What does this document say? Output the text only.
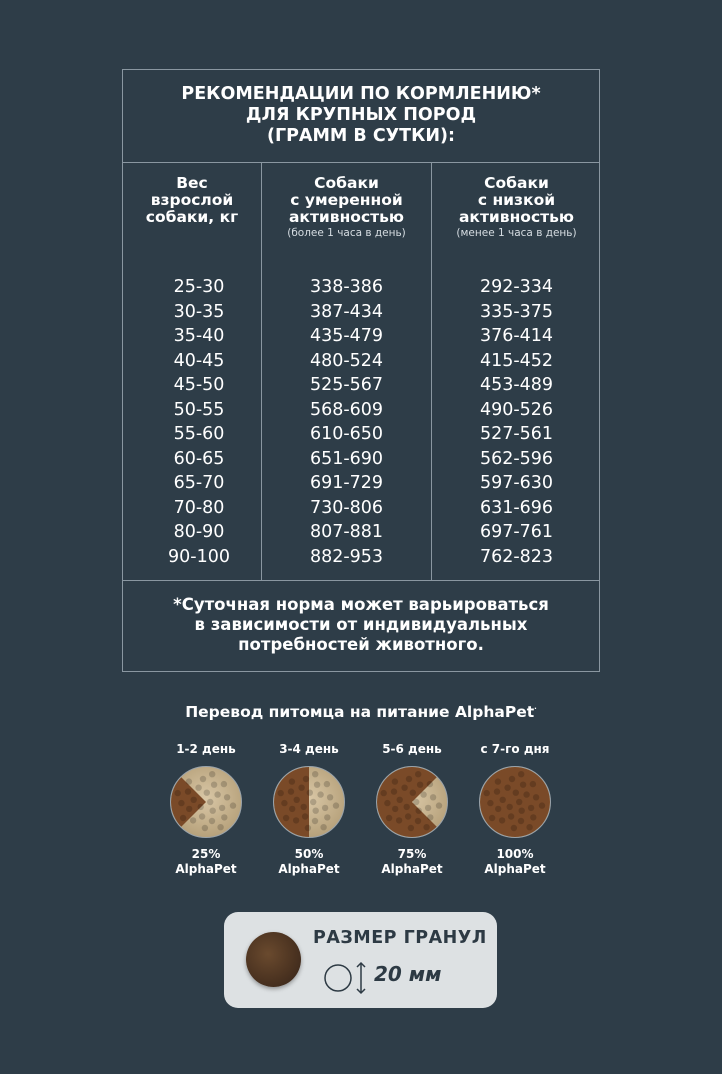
РЕКОМЕНДАЦИИ ПО КОРМЛЕНИЮ*
ДЛЯ КРУПНЫХ ПОРОД
(ГРАММ В СУТКИ):
Вес
взрослой
собаки, кг
Собаки
с умеренной
активностью
(более 1 часа в день)
Собаки
с низкой
активностью
(менее 1 часа в день)
25-30
30-35
35-40
40-45
45-50
50-55
55-60
60-65
65-70
70-80
80-90
90-100
338-386
387-434
435-479
480-524
525-567
568-609
610-650
651-690
691-729
730-806
807-881
882-953
292-334
335-375
376-414
415-452
453-489
490-526
527-561
562-596
597-630
631-696
697-761
762-823
*Суточная норма может варьироваться
в зависимости от индивидуальных
потребностей животного.
Перевод питомца на питание AlphaPet·
1-2 день
25%
AlphaPet
3-4 день
50%
AlphaPet
5-6 день
75%
AlphaPet
с 7-го дня
100%
AlphaPet
РАЗМЕР ГРАНУЛ
20 мм
